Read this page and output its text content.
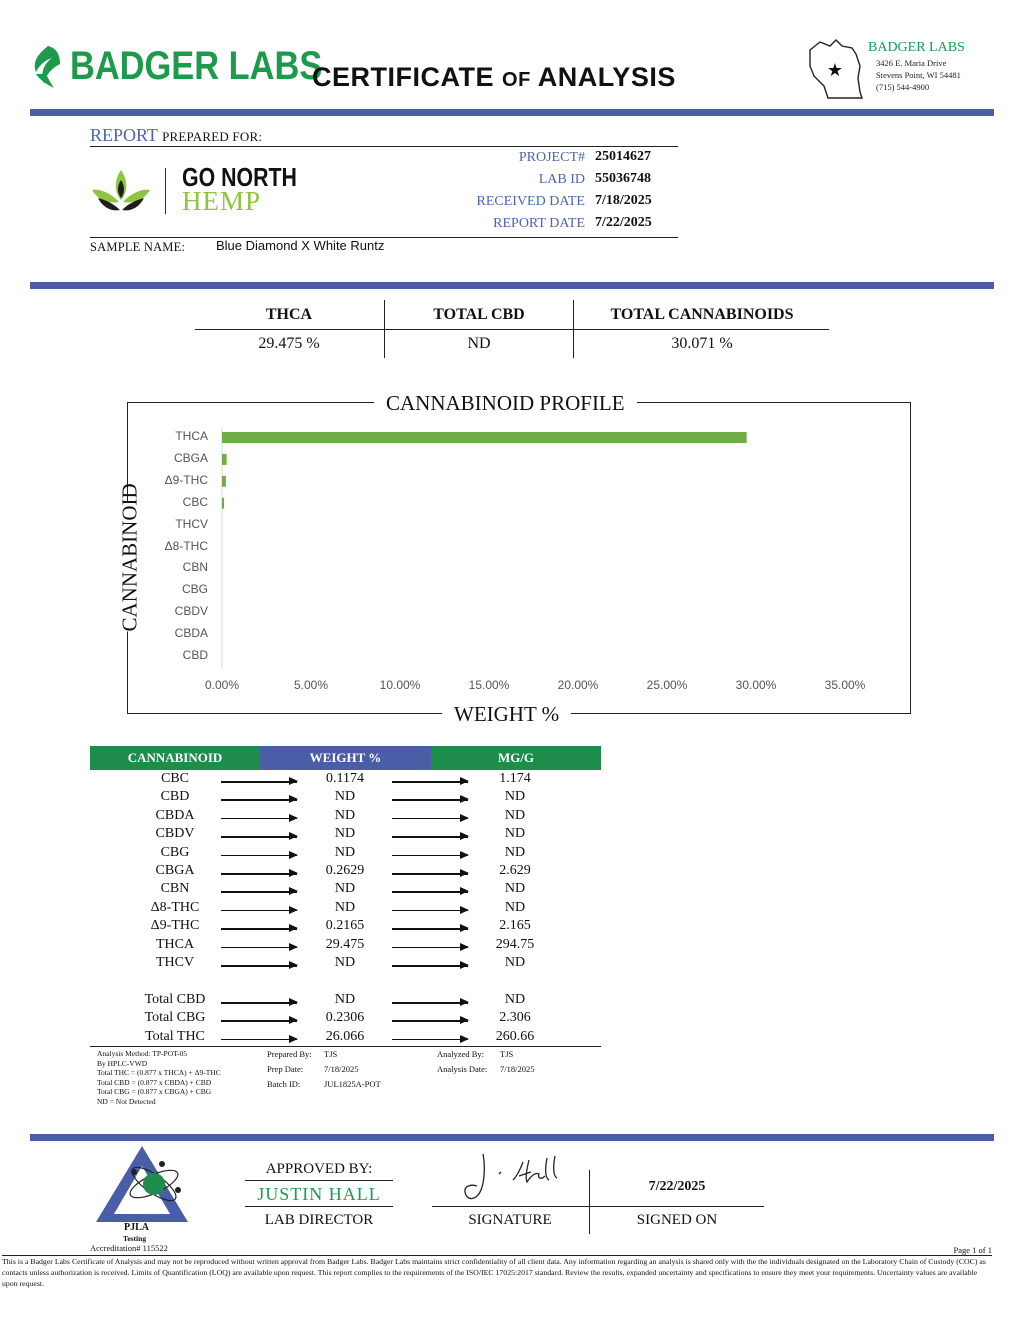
BADGER LABS
CERTIFICATE OF ANALYSIS	★
BADGER LABS
3426 E. Maria Drive
Stevens Point, WI 54481
(715) 544-4900
REPORT PREPARED FOR:
GO NORTH
HEMP
PROJECT# 25014627
LAB ID 55036748
RECEIVED DATE 7/18/2025
REPORT DATE 7/22/2025
SAMPLE NAME: Blue Diamond X White Runtz
THCA	TOTAL CBD	TOTAL CANNABINOIDS
29.475 %	ND	30.071 %
CANNABINOID PROFILE
WEIGHT %
CANNABINOID
THCA
CBGA
Δ9-THC
CBC
THCV
Δ8-THC
CBN
CBG
CBDV
CBDA
CBD
0.00%	5.00%	10.00%	15.00%	20.00%	25.00%	30.00%	35.00%
CANNABINOID	WEIGHT %	MG/G
CBC	0.1174	1.174
CBD	ND	ND
CBDA	ND	ND
CBDV	ND	ND
CBG	ND	ND
CBGA	0.2629	2.629
CBN	ND	ND
Δ8-THC	ND	ND
Δ9-THC	0.2165	2.165
THCA	29.475	294.75
THCV	ND	ND
Total CBD	ND	ND
Total CBG	0.2306	2.306
Total THC	26.066	260.66
Analysis Method: TP-POT-05
By HPLC-VWD
Total THC = (0.877 x THCA) + Δ9-THC
Total CBD = (0.877 x CBDA) + CBD
Total CBG = (0.877 x CBGA) + CBG
ND = Not Detected
Prepared By: TJS
Prep Date: 7/18/2025
Batch ID:	JUL1825A-POT
Analyzed By: TJS
Analysis Date: 7/18/2025
PJLA
Testing
Accreditation# 115522
APPROVED BY:
JUSTIN HALL
LAB DIRECTOR	SIGNATURE
7/22/2025
SIGNED ON
Page 1 of 1
This is a Badger Labs Certificate of Analysis and may not be reproduced without written approval from Badger Labs. Badger Labs maintains strict confidentiality of all client data. Any information regarding an analysis is shared only with the the individuals designated on the Laboratory Chain of Custody (COC) as contacts unless authorization is received. Limits of Quantification (LOQ) are available upon request. This report complies to the requirements of the ISO/IEC 17025:2017 standard. Review the results, expanded uncertainty and specifications to ensure they meet your requirements. Uncertainty values are available upon request.
